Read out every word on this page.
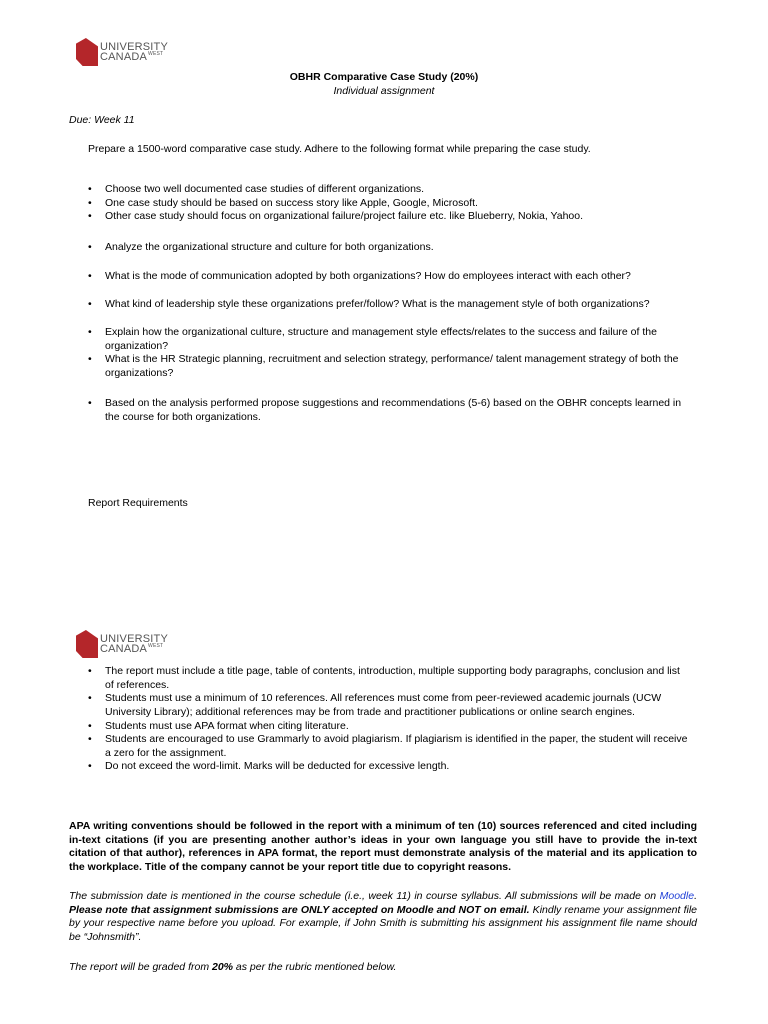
UNIVERSITY
$CANADA^{WEST}$
OBHR Comparative Case Study (20%)
Individual assignment
Due: Week 11
Prepare a 1500-word comparative case study. Adhere to the following format while preparing the case study.
• Choose two well documented case studies of different organizations.
• One case study should be based on success story like Apple, Google, Microsoft.
• Other case study should focus on organizational failure/project failure etc. like Blueberry, Nokia, Yahoo.
• Analyze the organizational structure and culture for both organizations.
• What is the mode of communication adopted by both organizations? How do employees interact with each other?
• What kind of leadership style these organizations prefer/follow? What is the management style of both organizations?
• Explain how the organizational culture, structure and management style effects/relates to the success and failure of the organization?
• What is the HR Strategic planning, recruitment and selection strategy, performance/ talent management strategy of both the organizations?
• Based on the analysis performed propose suggestions and recommendations (5-6) based on the OBHR concepts learned in the course for both organizations.
Report Requirements
UNIVERSITY
$CANADA^{WEST}$
• The report must include a title page, table of contents, introduction, multiple supporting body paragraphs, conclusion and list of references.
• Students must use a minimum of 10 references. All references must come from peer-reviewed academic journals (UCW University Library); additional references may be from trade and practitioner publications or online search engines.
• Students must use APA format when citing literature.
• Students are encouraged to use Grammarly to avoid plagiarism. If plagiarism is identified in the paper, the student will receive a zero for the assignment.
• Do not exceed the word-limit. Marks will be deducted for excessive length.
APA writing conventions should be followed in the report with a minimum of ten (10) sources referenced and cited including in-text citations (if you are presenting another author’s ideas in your own language you still have to provide the in-text citation of that author), references in APA format, the report must demonstrate analysis of the material and its application to the workplace. Title of the company cannot be your report title due to copyright reasons.
The submission date is mentioned in the course schedule (i.e., week 11) in course syllabus. All submissions will be made on Moodle. Please note that assignment submissions are ONLY accepted on Moodle and NOT on email. Kindly rename your assignment file by your respective name before you upload. For example, if John Smith is submitting his assignment his assignment file name should be “Johnsmith”.
The report will be graded from 20% as per the rubric mentioned below.
